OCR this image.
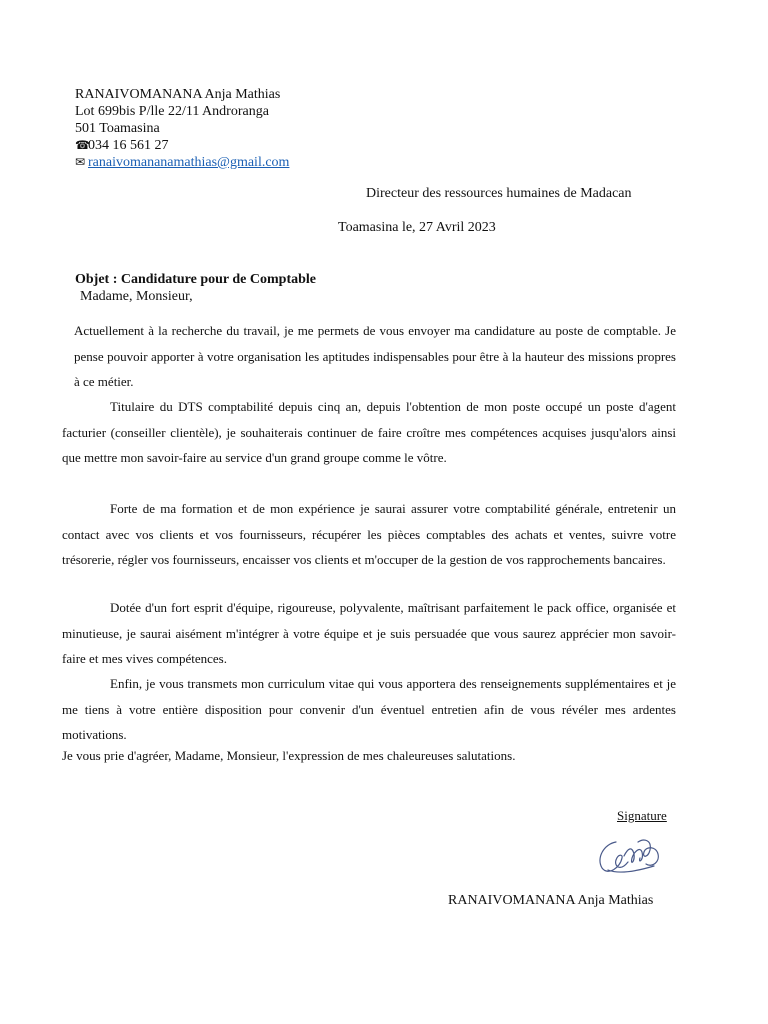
RANAIVOMANANA Anja Mathias
Lot 699bis P/lle 22/11 Androranga
501 Toamasina
☎034 16 561 27
✉ ranaivomananamathias@gmail.com
Directeur des ressources humaines de Madacan
Toamasina le, 27 Avril 2023
Objet : Candidature pour de Comptable
Madame, Monsieur,
Actuellement à la recherche du travail, je me permets de vous envoyer ma candidature au poste de comptable. Je pense pouvoir apporter à votre organisation les aptitudes indispensables pour être à la hauteur des missions propres à ce métier.
Titulaire du DTS comptabilité depuis cinq an, depuis l'obtention de mon poste occupé un poste d'agent facturier (conseiller clientèle), je souhaiterais continuer de faire croître mes compétences acquises jusqu'alors ainsi que mettre mon savoir-faire au service d'un grand groupe comme le vôtre.
Forte de ma formation et de mon expérience je saurai assurer votre comptabilité générale, entretenir un contact avec vos clients et vos fournisseurs, récupérer les pièces comptables des achats et ventes, suivre votre trésorerie, régler vos fournisseurs, encaisser vos clients et m'occuper de la gestion de vos rapprochements bancaires.
Dotée d'un fort esprit d'équipe, rigoureuse, polyvalente, maîtrisant parfaitement le pack office, organisée et minutieuse, je saurai aisément m'intégrer à votre équipe et je suis persuadée que vous saurez apprécier mon savoir-faire et mes vives compétences.
Enfin, je vous transmets mon curriculum vitae qui vous apportera des renseignements supplémentaires et je me tiens à votre entière disposition pour convenir d'un éventuel entretien afin de vous révéler mes ardentes motivations.
Je vous prie d'agréer, Madame, Monsieur, l'expression de mes chaleureuses salutations.
Signature
RANAIVOMANANA Anja Mathias
